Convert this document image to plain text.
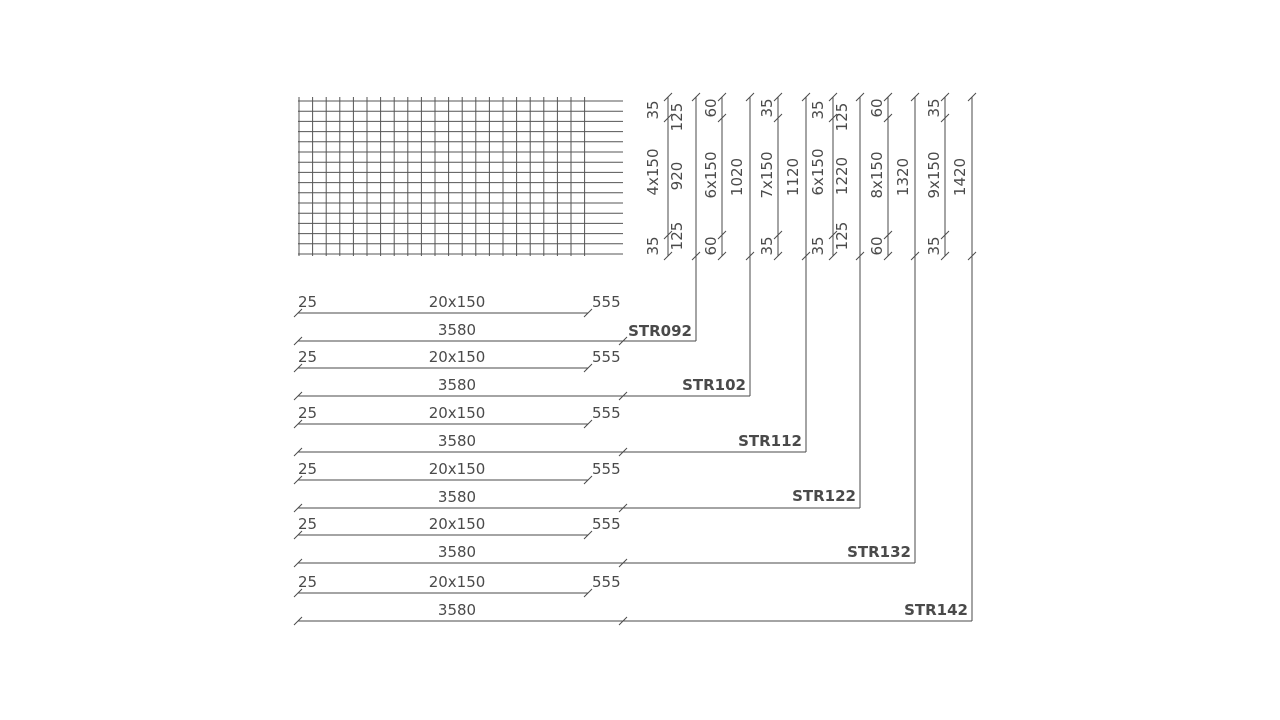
35 125
4x150 920
125
35
60
6x150 1020
60
35
7x150 1120
35
35 125
6x150 1220
125
35
60
8x150 1320
60
35
9x150 1420
35
25	20x150	555
3580
25	20x150	555
3580
25	20x150	555
3580
25	20x150	555
3580
25	20x150	555
3580
25	20x150	555
3580
STR092
STR102
STR112
STR122
STR132
STR142
